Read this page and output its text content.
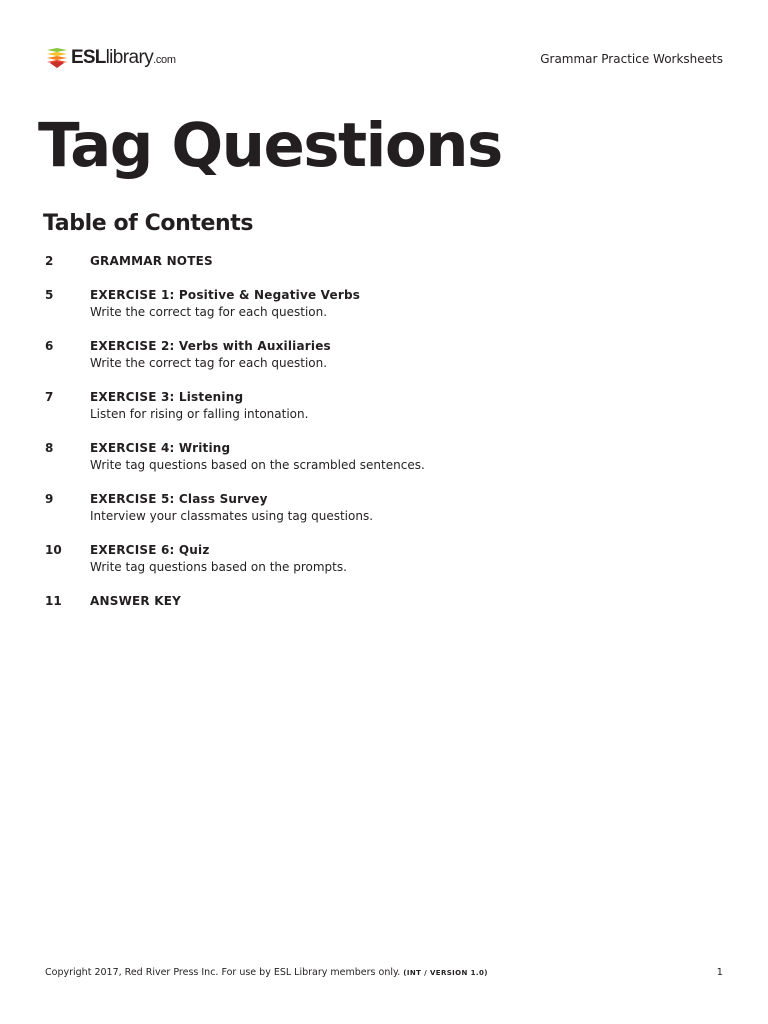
ESLlibrary.com	Grammar Practice Worksheets
Tag Questions
Table of Contents
2	GRAMMAR NOTES
5	EXERCISE 1: Positive & Negative Verbs
Write the correct tag for each question.
6	EXERCISE 2: Verbs with Auxiliaries
Write the correct tag for each question.
7	EXERCISE 3: Listening
Listen for rising or falling intonation.
8	EXERCISE 4: Writing
Write tag questions based on the scrambled sentences.
9	EXERCISE 5: Class Survey
Interview your classmates using tag questions.
10 EXERCISE 6: Quiz
Write tag questions based on the prompts.
11 ANSWER KEY
Copyright 2017, Red River Press Inc. For use by ESL Library members only. (INT / VERSION 1.0)	1
